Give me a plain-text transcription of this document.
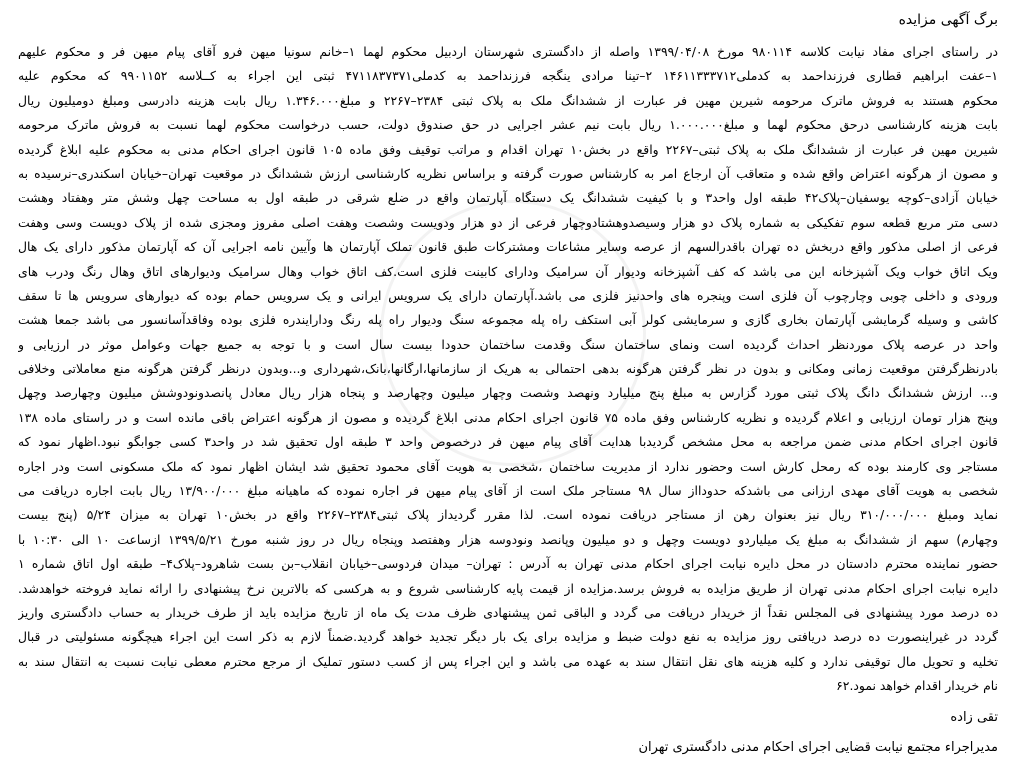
برگ آگهی مزایده
در راستای اجرای مفاد نیابت کلاسه ۹۸۰۱۱۴ مورخ ۱۳۹۹/۰۴/۰۸ واصله از دادگستری شهرستان اردبیل محکوم لهما ۱–خانم سونیا میهن فرو آقای پیام میهن فر و محکوم علیهم
۱–عفت ابراهیم قطاری فرزنداحمد به کدملی۱۴۶۱۱۳۳۳۷۱۲ ۲–تینا مرادی ینگجه فرزنداحمد به کدملی۴۷۱۱۸۳۷۳۷۱ ثبتی این اجراء به کــلاسه ۹۹۰۱۱۵۲ که محکوم علیه
محکوم هستند به فروش ماترک مرحومه شیرین مهین فر عبارت از ششدانگ ملک به پلاک ثبتی ۲۳۸۴–۲۲۶۷ و مبلغ۱.۳۴۶.۰۰۰ ریال بابت هزینه دادرسی ومبلغ دومیلیون ریال
بابت هزینه کارشناسی درحق محکوم لهما و مبلغ۱.۰۰۰.۰۰۰ ریال بابت نیم عشر اجرایی در حق صندوق دولت، حسب درخواست محکوم لهما نسبت به فروش ماترک مرحومه
شیرین مهین فر عبارت از ششدانگ ملک به پلاک ثبتی–۲۲۶۷ واقع در بخش۱۰ تهران اقدام و مراتب توقیف وفق ماده ۱۰۵ قانون اجرای احکام مدنی به محکوم علیه ابلاغ گردیده
و مصون از هرگونه اعتراض واقع شده و متعاقب آن ارجاع امر به کارشناس صورت گرفته و براساس نظریه کارشناسی ارزش ششدانگ در موقعیت تهران–خیابان اسکندری–نرسیده به
خیابان آزادی–کوچه یوسفیان–پلاک۴۲ طبقه اول واحد۳ و با کیفیت ششدانگ یک دستگاه آپارتمان واقع در ضلع شرقی در طبقه اول به مساحت چهل وشش متر وهفتاد وهشت
دسی متر مربع قطعه سوم تفکیکی به شماره پلاک دو هزار وسیصدوهشتادوچهار فرعی از دو هزار ودویست وشصت وهفت اصلی مفروز ومجزی شده از پلاک دویست وسی وهفت
فرعی از اصلی مذکور واقع دربخش ده تهران باقدرالسهم از عرصه وسایر مشاعات ومشترکات طبق قانون تملک آپارتمان ها وآیین نامه اجرایی آن که آپارتمان مذکور دارای یک هال
ویک اتاق خواب ویک آشپزخانه این می باشد که کف آشپزخانه ودیوار آن سرامیک ودارای کابینت فلزی است.کف اتاق خواب وهال سرامیک ودیوارهای اتاق وهال رنگ ودرب های
ورودی و داخلی چوبی وچارچوب آن فلزی است وپنجره های واحدنیز فلزی می باشد.آپارتمان دارای یک سرویس ایرانی و یک سرویس حمام بوده که دیوارهای سرویس ها تا سقف
کاشی و وسیله گرمایشی آپارتمان بخاری گازی و سرمایشی کولر آبی استکف راه پله مجموعه سنگ ودیوار راه پله رنگ ودارایندره فلزی بوده وفاقدآسانسور می باشد جمعا هشت
واحد در عرصه پلاک موردنظر احداث گردیده است ونمای ساختمان سنگ وقدمت ساختمان حدودا بیست سال است و با توجه به جمیع جهات وعوامل موثر در ارزیابی و
بادرنظرگرفتن موقعیت زمانی ومکانی و بدون در نظر گرفتن هرگونه بدهی احتمالی به هریک از سازمانها،ارگانها،بانک،شهرداری و...وبدون درنظر گرفتن هرگونه منع معاملاتی وخلافی
و... ارزش ششدانگ دانگ پلاک ثبتی مورد گزارس به مبلغ پنج میلیارد ونهصد وشصت وچهار میلیون وچهارصد و پنجاه هزار ریال معادل پانصدونودوشش میلیون وچهارصد وچهل
وپنج هزار تومان ارزیابی و اعلام گردیده و نظریه کارشناس وفق ماده ۷۵ قانون اجرای احکام مدنی ابلاغ گردیده و مصون از هرگونه اعتراض باقی مانده است و در راستای ماده ۱۳۸
قانون اجرای احکام مدنی ضمن مراجعه به محل مشخص گردیدبا هدایت آقای پیام میهن فر درخصوص واحد ۳ طبقه اول تحقیق شد در واحد۳ کسی جوابگو نبود.اظهار نمود که
مستاجر وی کارمند بوده که رمحل کارش است وحضور ندارد از مدیریت ساختمان ،شخصی به هویت آقای محمود تحقیق شد ایشان اظهار نمود که ملک مسکونی است ودر اجاره
شخصی به هویت آقای مهدی ارزانی می باشدکه حدودااز سال ۹۸ مستاجر ملک است از آقای پیام میهن فر اجاره نموده که ماهیانه مبلغ ۱۳/۹۰۰/۰۰۰ ریال بابت اجاره دریافت می
نماید ومبلغ ۳۱۰/۰۰۰/۰۰۰ ریال نیز بعنوان رهن از مستاجر دریافت نموده است. لذا مقرر گردیداز پلاک ثبتی۲۳۸۴–۲۲۶۷ واقع در بخش۱۰ تهران به میزان ۵/۲۴ (پنج بیست
وچهارم) سهم از ششدانگ به مبلغ یک میلیاردو دویست وچهل و دو میلیون وپانصد ونودوسه هزار وهفتصد وپنجاه ریال در روز شنبه مورخ ۱۳۹۹/۵/۲۱ ازساعت ۱۰ الی ۱۰:۳۰ با
حضور نماینده محترم دادستان در محل دایره نیابت اجرای احکام مدنی تهران به آدرس : تهران– میدان فردوسی–خیابان انقلاب–بن بست شاهرود–پلاک۴– طبقه اول اتاق شماره ۱
دایره نیابت اجرای احکام مدنی تهران از طریق مزایده به فروش برسد.مزایده از قیمت پایه کارشناسی شروع و به هرکسی که بالاترین نرخ پیشنهادی را ارائه نماید فروخته خواهدشد.
ده درصد مورد پیشنهادی فی المجلس نقداً از خریدار دریافت می گردد و الباقی ثمن پیشنهادی ظرف مدت یک ماه از تاریخ مزایده باید از طرف خریدار به حساب دادگستری واریز
گردد در غیراینصورت ده درصد دریافتی روز مزایده به نفع دولت ضبط و مزایده برای یک بار دیگر تجدید خواهد گردید.ضمناً لازم به ذکر است این اجراء هیچگونه مسئولیتی در قبال
تخلیه و تحویل مال توقیفی ندارد و کلیه هزینه های نقل انتقال سند به عهده می باشد و این اجراء پس از کسب دستور تملیک از مرجع محترم معطی نیابت نسبت به انتقال سند به
نام خریدار اقدام خواهد نمود.۶۲
تقی زاده
مدیراجراء مجتمع نیابت قضایی اجرای احکام مدنی دادگستری تهران
